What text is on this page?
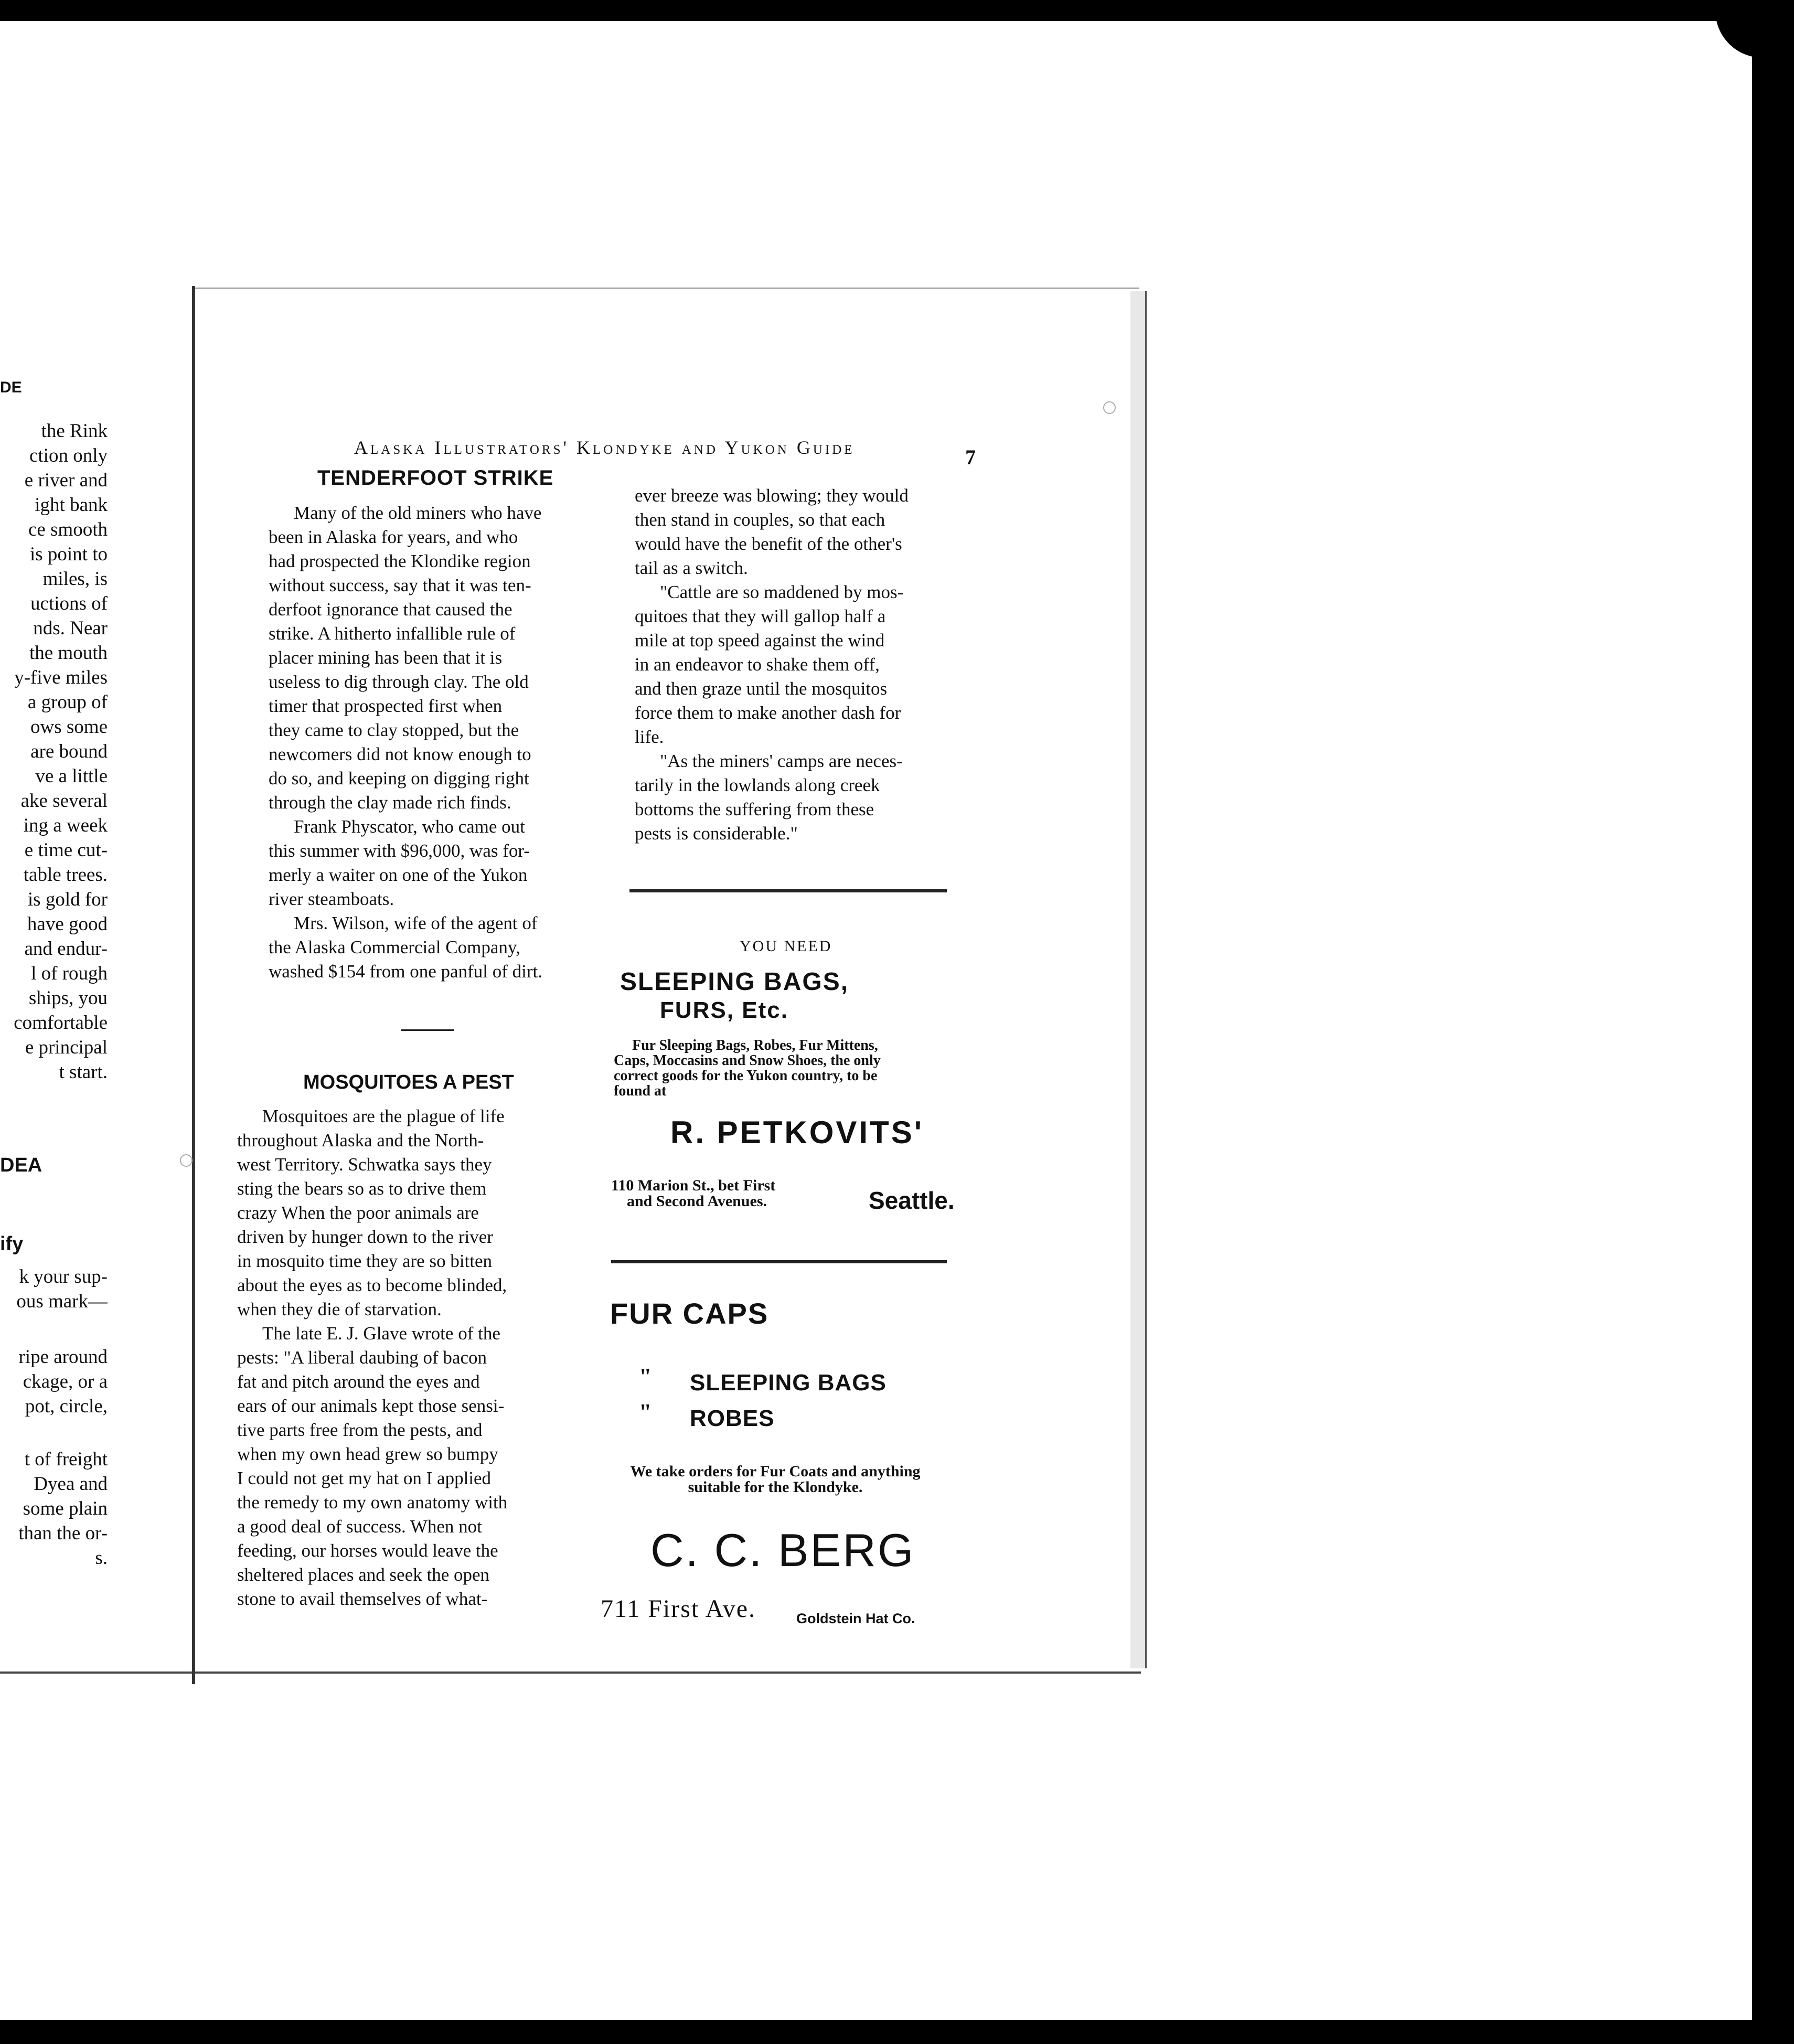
DE
the Rink
ction only
e river and
ight bank
ce smooth
is point to
miles, is
uctions of
nds. Near
the mouth
y-five miles
a group of
ows some
are bound
ve a little
ake several
ing a week
e time cut-
table trees.
is gold for
have good
and endur-
l of rough
ships, you
comfortable
e principal
t start.
DEA
ify
k your sup-
ous mark—
ripe around
ckage, or a
pot, circle,
t of freight
Dyea and
some plain
than the or-
s.
Alaska Illustrators' Klondyke and Yukon Guide	7
TENDERFOOT STRIKE
Many of the old miners who have
been in Alaska for years, and who
had prospected the Klondike region
without success, say that it was ten-
derfoot ignorance that caused the
strike. A hitherto infallible rule of
placer mining has been that it is
useless to dig through clay. The old
timer that prospected first when
they came to clay stopped, but the
newcomers did not know enough to
do so, and keeping on digging right
through the clay made rich finds.
Frank Physcator, who came out
this summer with $96,000, was for-
merly a waiter on one of the Yukon
river steamboats.
Mrs. Wilson, wife of the agent of
the Alaska Commercial Company,
washed $154 from one panful of dirt.
MOSQUITOES A PEST
Mosquitoes are the plague of life
throughout Alaska and the North-
west Territory. Schwatka says they
sting the bears so as to drive them
crazy When the poor animals are
driven by hunger down to the river
in mosquito time they are so bitten
about the eyes as to become blinded,
when they die of starvation.
The late E. J. Glave wrote of the
pests: "A liberal daubing of bacon
fat and pitch around the eyes and
ears of our animals kept those sensi-
tive parts free from the pests, and
when my own head grew so bumpy
I could not get my hat on I applied
the remedy to my own anatomy with
a good deal of success. When not
feeding, our horses would leave the
sheltered places and seek the open
stone to avail themselves of what-
ever breeze was blowing; they would
then stand in couples, so that each
would have the benefit of the other's
tail as a switch.
"Cattle are so maddened by mos-
quitoes that they will gallop half a
mile at top speed against the wind
in an endeavor to shake them off,
and then graze until the mosquitos
force them to make another dash for
life.
"As the miners' camps are neces-
tarily in the lowlands along creek
bottoms the suffering from these
pests is considerable."
YOU NEED
SLEEPING BAGS,
FURS, Etc.
Fur Sleeping Bags, Robes, Fur Mittens,
Caps, Moccasins and Snow Shoes, the only
correct goods for the Yukon country, to be
found at
R. PETKOVITS'
110 Marion St., bet First
and Second Avenues.	Seattle.
FUR CAPS
" SLEEPING BAGS
" ROBES
We take orders for Fur Coats and anything
suitable for the Klondyke.
C. C. BERG
711 First Ave.	Goldstein Hat Co.
